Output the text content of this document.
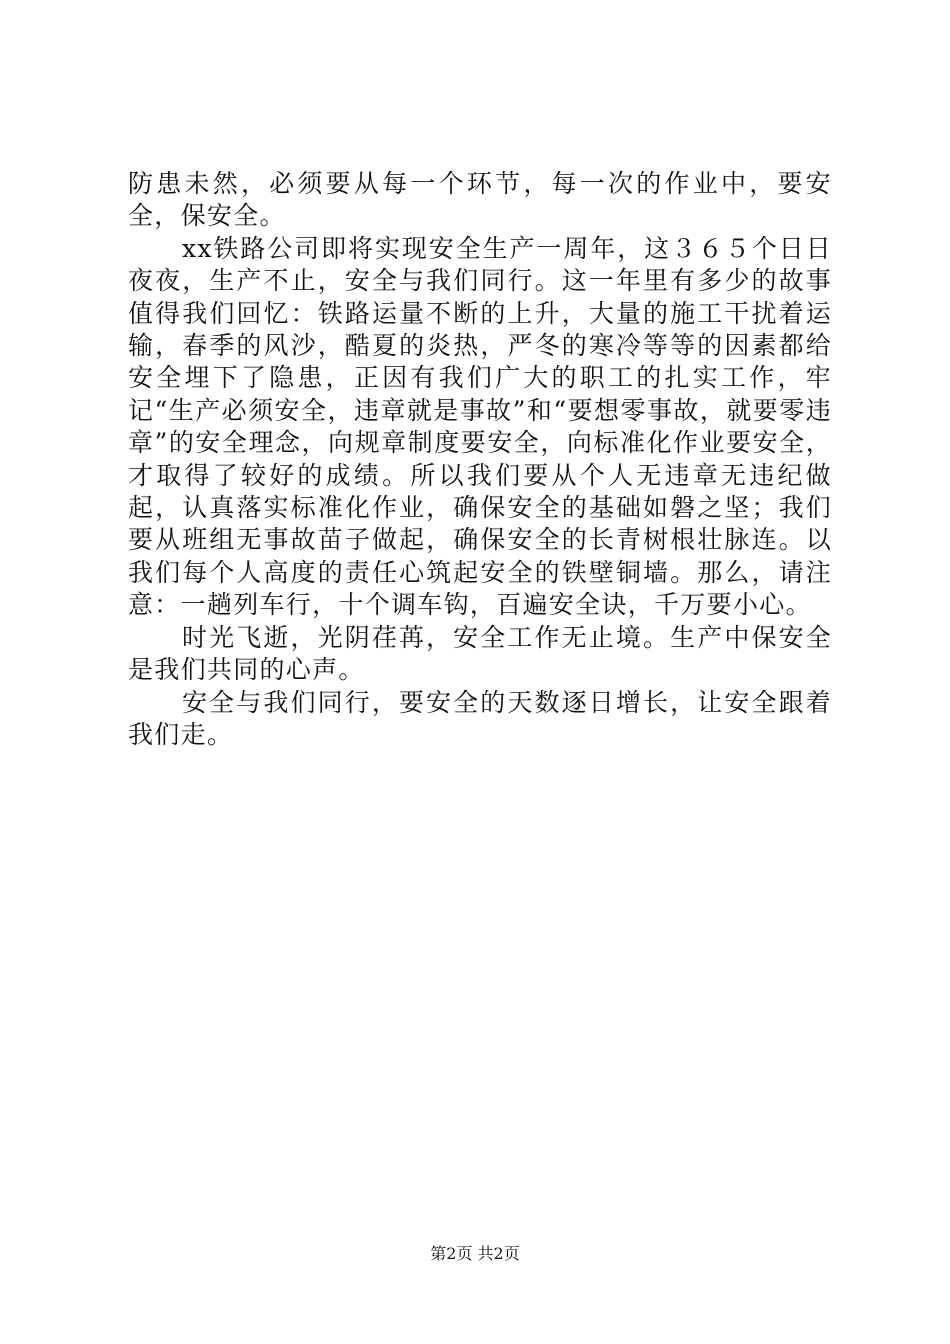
防患未然，必须要从每一个环节，每一次的作业中，要安全，保安全。

xx铁路公司即将实现安全生产一周年，这３６５个日日夜夜，生产不止，安全与我们同行。这一年里有多少的故事值得我们回忆：铁路运量不断的上升，大量的施工干扰着运输，春季的风沙，酷夏的炎热，严冬的寒冷等等的因素都给安全埋下了隐患，正因有我们广大的职工的扎实工作，牢记“生产必须安全，违章就是事故”和“要想零事故，就要零违章”的安全理念，向规章制度要安全，向标准化作业要安全，才取得了较好的成绩。所以我们要从个人无违章无违纪做起，认真落实标准化作业，确保安全的基础如磐之坚；我们要从班组无事故苗子做起，确保安全的长青树根壮脉连。以我们每个人高度的责任心筑起安全的铁壁铜墙。那么，请注意：一趟列车行，十个调车钩，百遍安全诀，千万要小心。

时光飞逝，光阴荏苒，安全工作无止境。生产中保安全是我们共同的心声。

安全与我们同行，要安全的天数逐日增长，让安全跟着我们走。

第2页 共2页
